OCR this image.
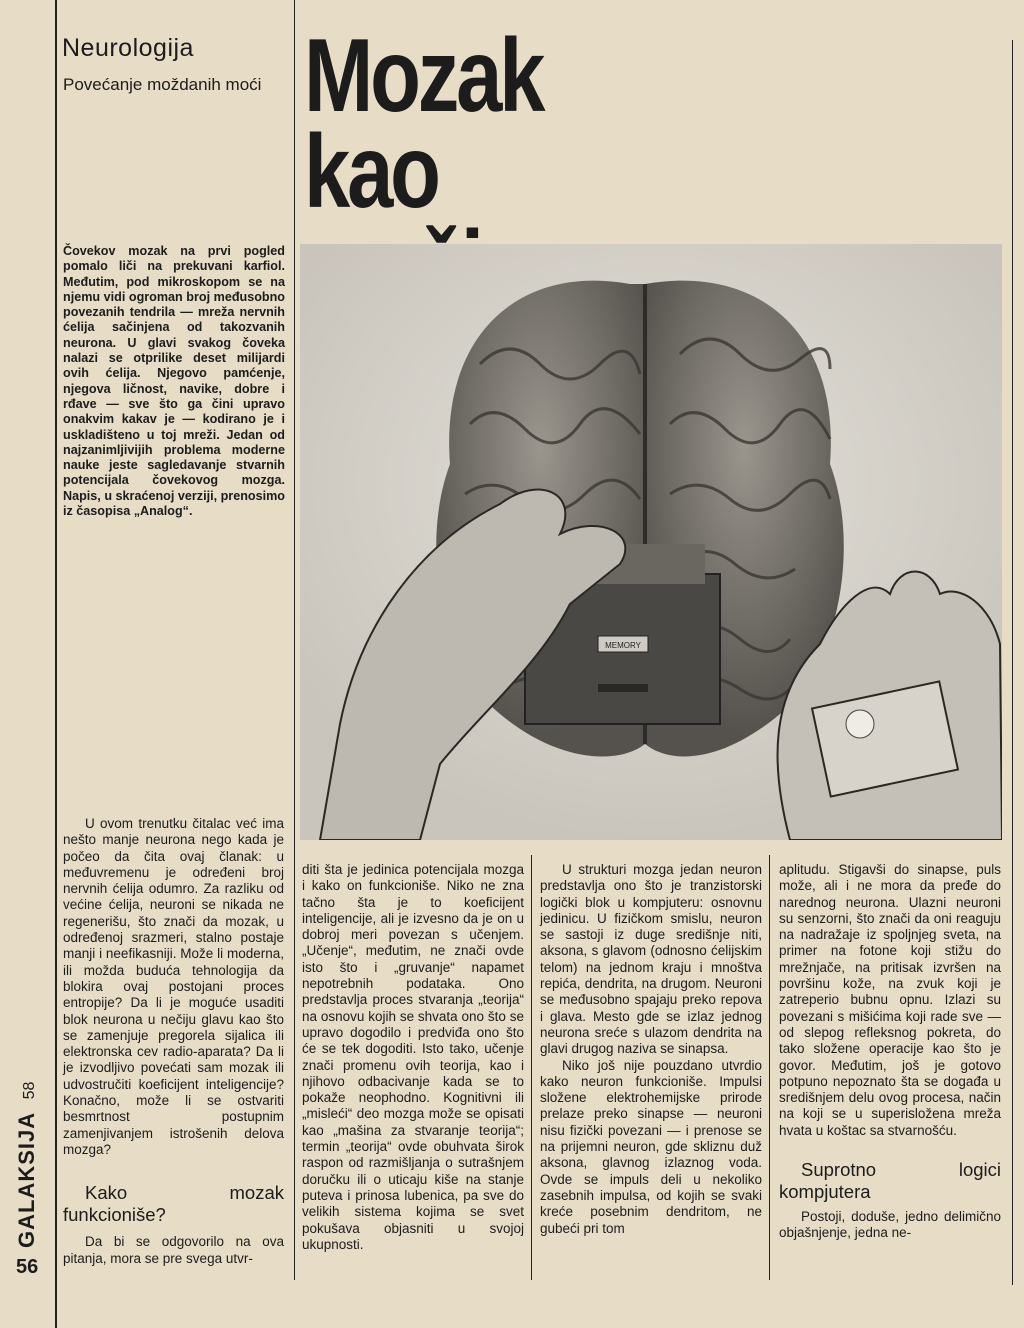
Neurologija
Povećanje moždanih moći Mozak
kao
Čovekov mozak na prvi pogled pomalo liči na prekuvani karfiol. Međutim, pod mikroskopom se na njemu vidi ogroman broj međusobno povezanih tendrila — mreža nervnih ćelija sačinjena od takozvanih neurona. U glavi svakog čoveka nalazi se otprilike deset milijardi ovih ćelija. Njegovo pamćenje, njegova ličnost, navike, dobre i rđave — sve što ga čini upravo onakvim kakav je — kodirano je i uskladišteno u toj mreži. Jedan od najzanimljivijih problema moderne nauke jeste sagledavanje stvarnih potencijala čovekovog mozga. Napis, u skraćenoj verziji, prenosimo iz časopisa „Analog“.
MEMORY

U ovom trenutku čitalac već ima nešto manje neurona nego kada je počeo da čita ovaj članak: u međuvremenu je određeni broj nervnih ćelija odumro. Za razliku od većine ćelija, neuroni se nikada ne regenerišu, što znači da mozak, u određenoj srazmeri, stalno postaje manji i neefikasniji. Može li moderna, ili možda buduća tehnologija da blokira ovaj postojani proces entropije? Da li je moguće usaditi blok neurona u nečiju glavu kao što se zamenjuje pregorela sijalica ili elektronska cev radio-aparata? Da li je izvodljivo povećati sam mozak ili udvostručiti koeficijent inteligencije? Konačno, može li se ostvariti besmrtnost postupnim zamenjivanjem istrošenih delova mozga?

Kako mozak funkcioniše?

Da bi se odgovorilo na ova pitanja, mora se pre svega utvr-

diti šta je jedinica potencijala mozga i kako on funkcioniše. Niko ne zna tačno šta je to koeficijent inteligencije, ali je izvesno da je on u dobroj meri povezan s učenjem. „Učenje“, međutim, ne znači ovde isto što i „gruvanje“ napamet nepotrebnih podataka. Ono predstavlja proces stvaranja „teorija“ na osnovu kojih se shvata ono što se upravo dogodilo i predviđa ono što će se tek dogoditi. Isto tako, učenje znači promenu ovih teorija, kao i njihovo odbacivanje kada se to pokaže neophodno. Kognitivni ili „misleći“ deo mozga može se opisati kao „mašina za stvaranje teorija“; termin „teorija“ ovde obuhvata širok raspon od razmišljanja o sutrašnjem doručku ili o uticaju kiše na stanje puteva i prinosa lubenica, pa sve do velikih sistema kojima se svet pokušava objasniti u svojoj ukupnosti.

U strukturi mozga jedan neuron predstavlja ono što je tranzistorski logički blok u kompjuteru: osnovnu jedinicu. U fizičkom smislu, neuron se sastoji iz duge središnje niti, aksona, s glavom (odnosno ćelijskim telom) na jednom kraju i mnoštva repića, dendrita, na drugom. Neuroni se međusobno spajaju preko repova i glava. Mesto gde se izlaz jednog neurona sreće s ulazom dendrita na glavi drugog naziva se sinapsa.

Niko još nije pouzdano utvrdio kako neuron funkcioniše. Impulsi složene elektrohemijske prirode prelaze preko sinapse — neuroni nisu fizički povezani — i prenose se na prijemni neuron, gde skliznu duž aksona, glavnog izlaznog voda. Ovde se impuls deli u nekoliko zasebnih impulsa, od kojih se svaki kreće posebnim dendritom, ne gubeći pri tom

aplitudu. Stigavši do sinapse, puls može, ali i ne mora da pređe do narednog neurona. Ulazni neuroni su senzorni, što znači da oni reaguju na nadražaje iz spoljnjeg sveta, na primer na fotone koji stižu do mrežnjače, na pritisak izvršen na površinu kože, na zvuk koji je zatreperio bubnu opnu. Izlazi su povezani s mišićima koji rade sve — od slepog refleksnog pokreta, do tako složene operacije kao što je govor. Međutim, još je gotovo potpuno nepoznato šta se događa u središnjem delu ovog procesa, način na koji se u superisložena mreža hvata u koštac sa stvarnošću.

Suprotno logici kompjutera

Postoji, doduše, jedno delimično objašnjenje, jedna ne-

56
GALAKSIJA 58
